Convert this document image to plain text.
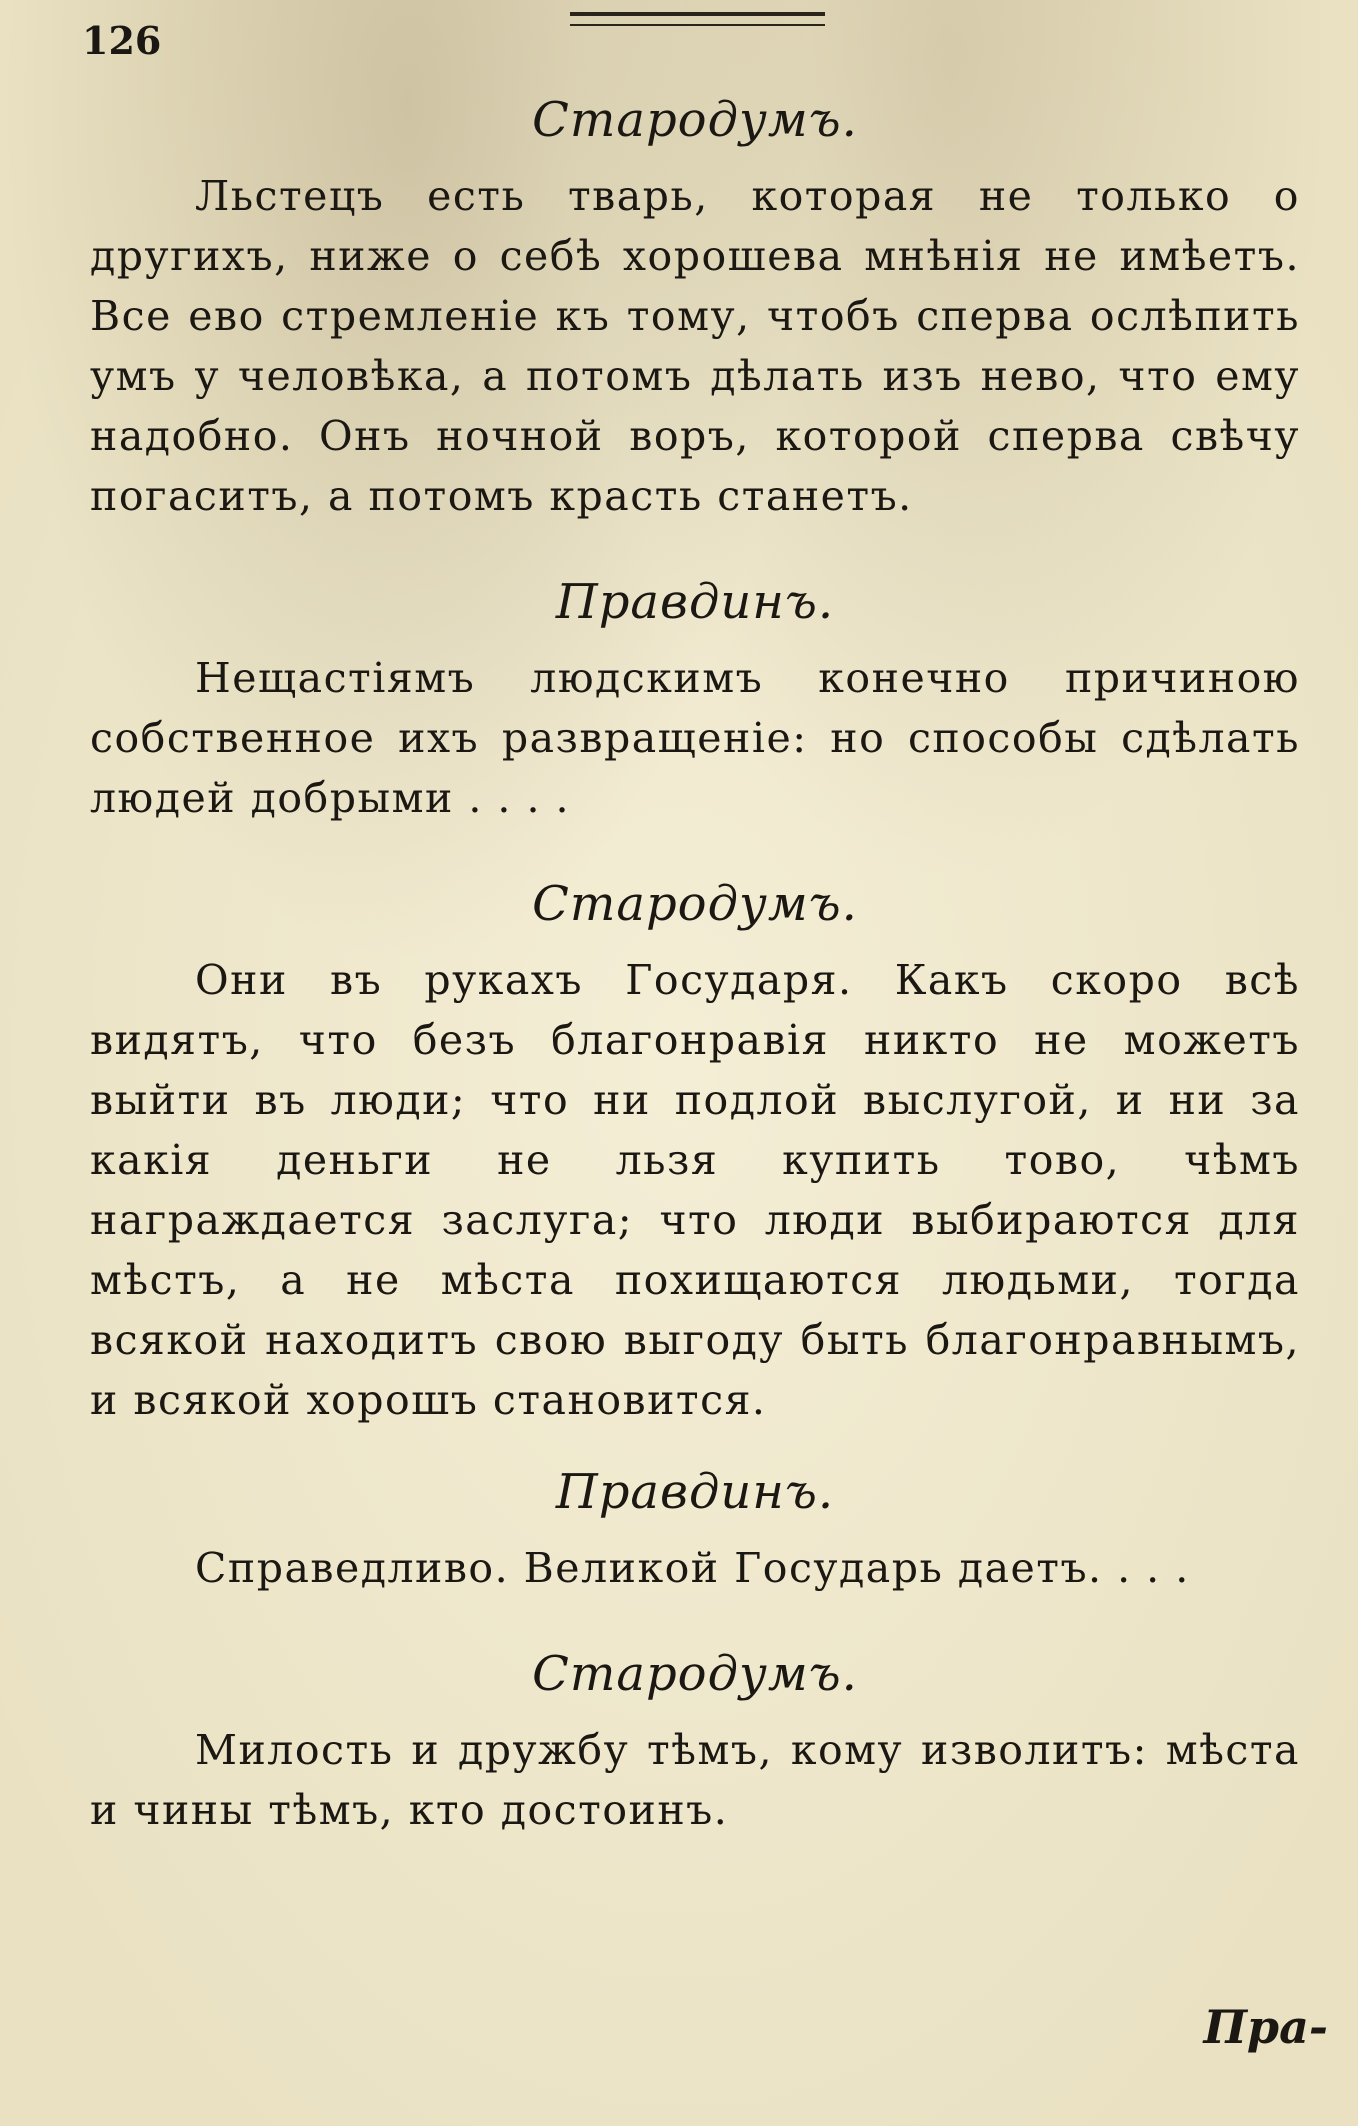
126

Стародумъ.

Льстецъ есть тварь, которая не только о другихъ, ниже о себѣ хорошева мнѣнія не имѣетъ. Все ево стремленіе къ тому, чтобъ сперва ослѣпить умъ у человѣка, а потомъ дѣлать изъ нево, что ему надобно. Онъ ночной воръ, которой сперва свѣчу погаситъ, а потомъ красть станетъ.

Правдинъ.

Нещастіямъ людскимъ конечно причиною собственное ихъ развращеніе: но способы сдѣлать людей добрыми . . . .

Стародумъ.

Они въ рукахъ Государя. Какъ скоро всѣ видятъ, что безъ благонравія никто не можетъ выйти въ люди; что ни подлой выслугой, и ни за какія деньги не льзя купить тово, чѣмъ награждается заслуга; что люди выбираются для мѣстъ, а не мѣста похищаются людьми, тогда всякой находитъ свою выгоду быть благонравнымъ, и всякой хорошъ становится.

Правдинъ.

Справедливо. Великой Государь даетъ. . . .

Стародумъ.

Милость и дружбу тѣмъ, кому изволитъ: мѣста и чины тѣмъ, кто достоинъ.

Пра-
